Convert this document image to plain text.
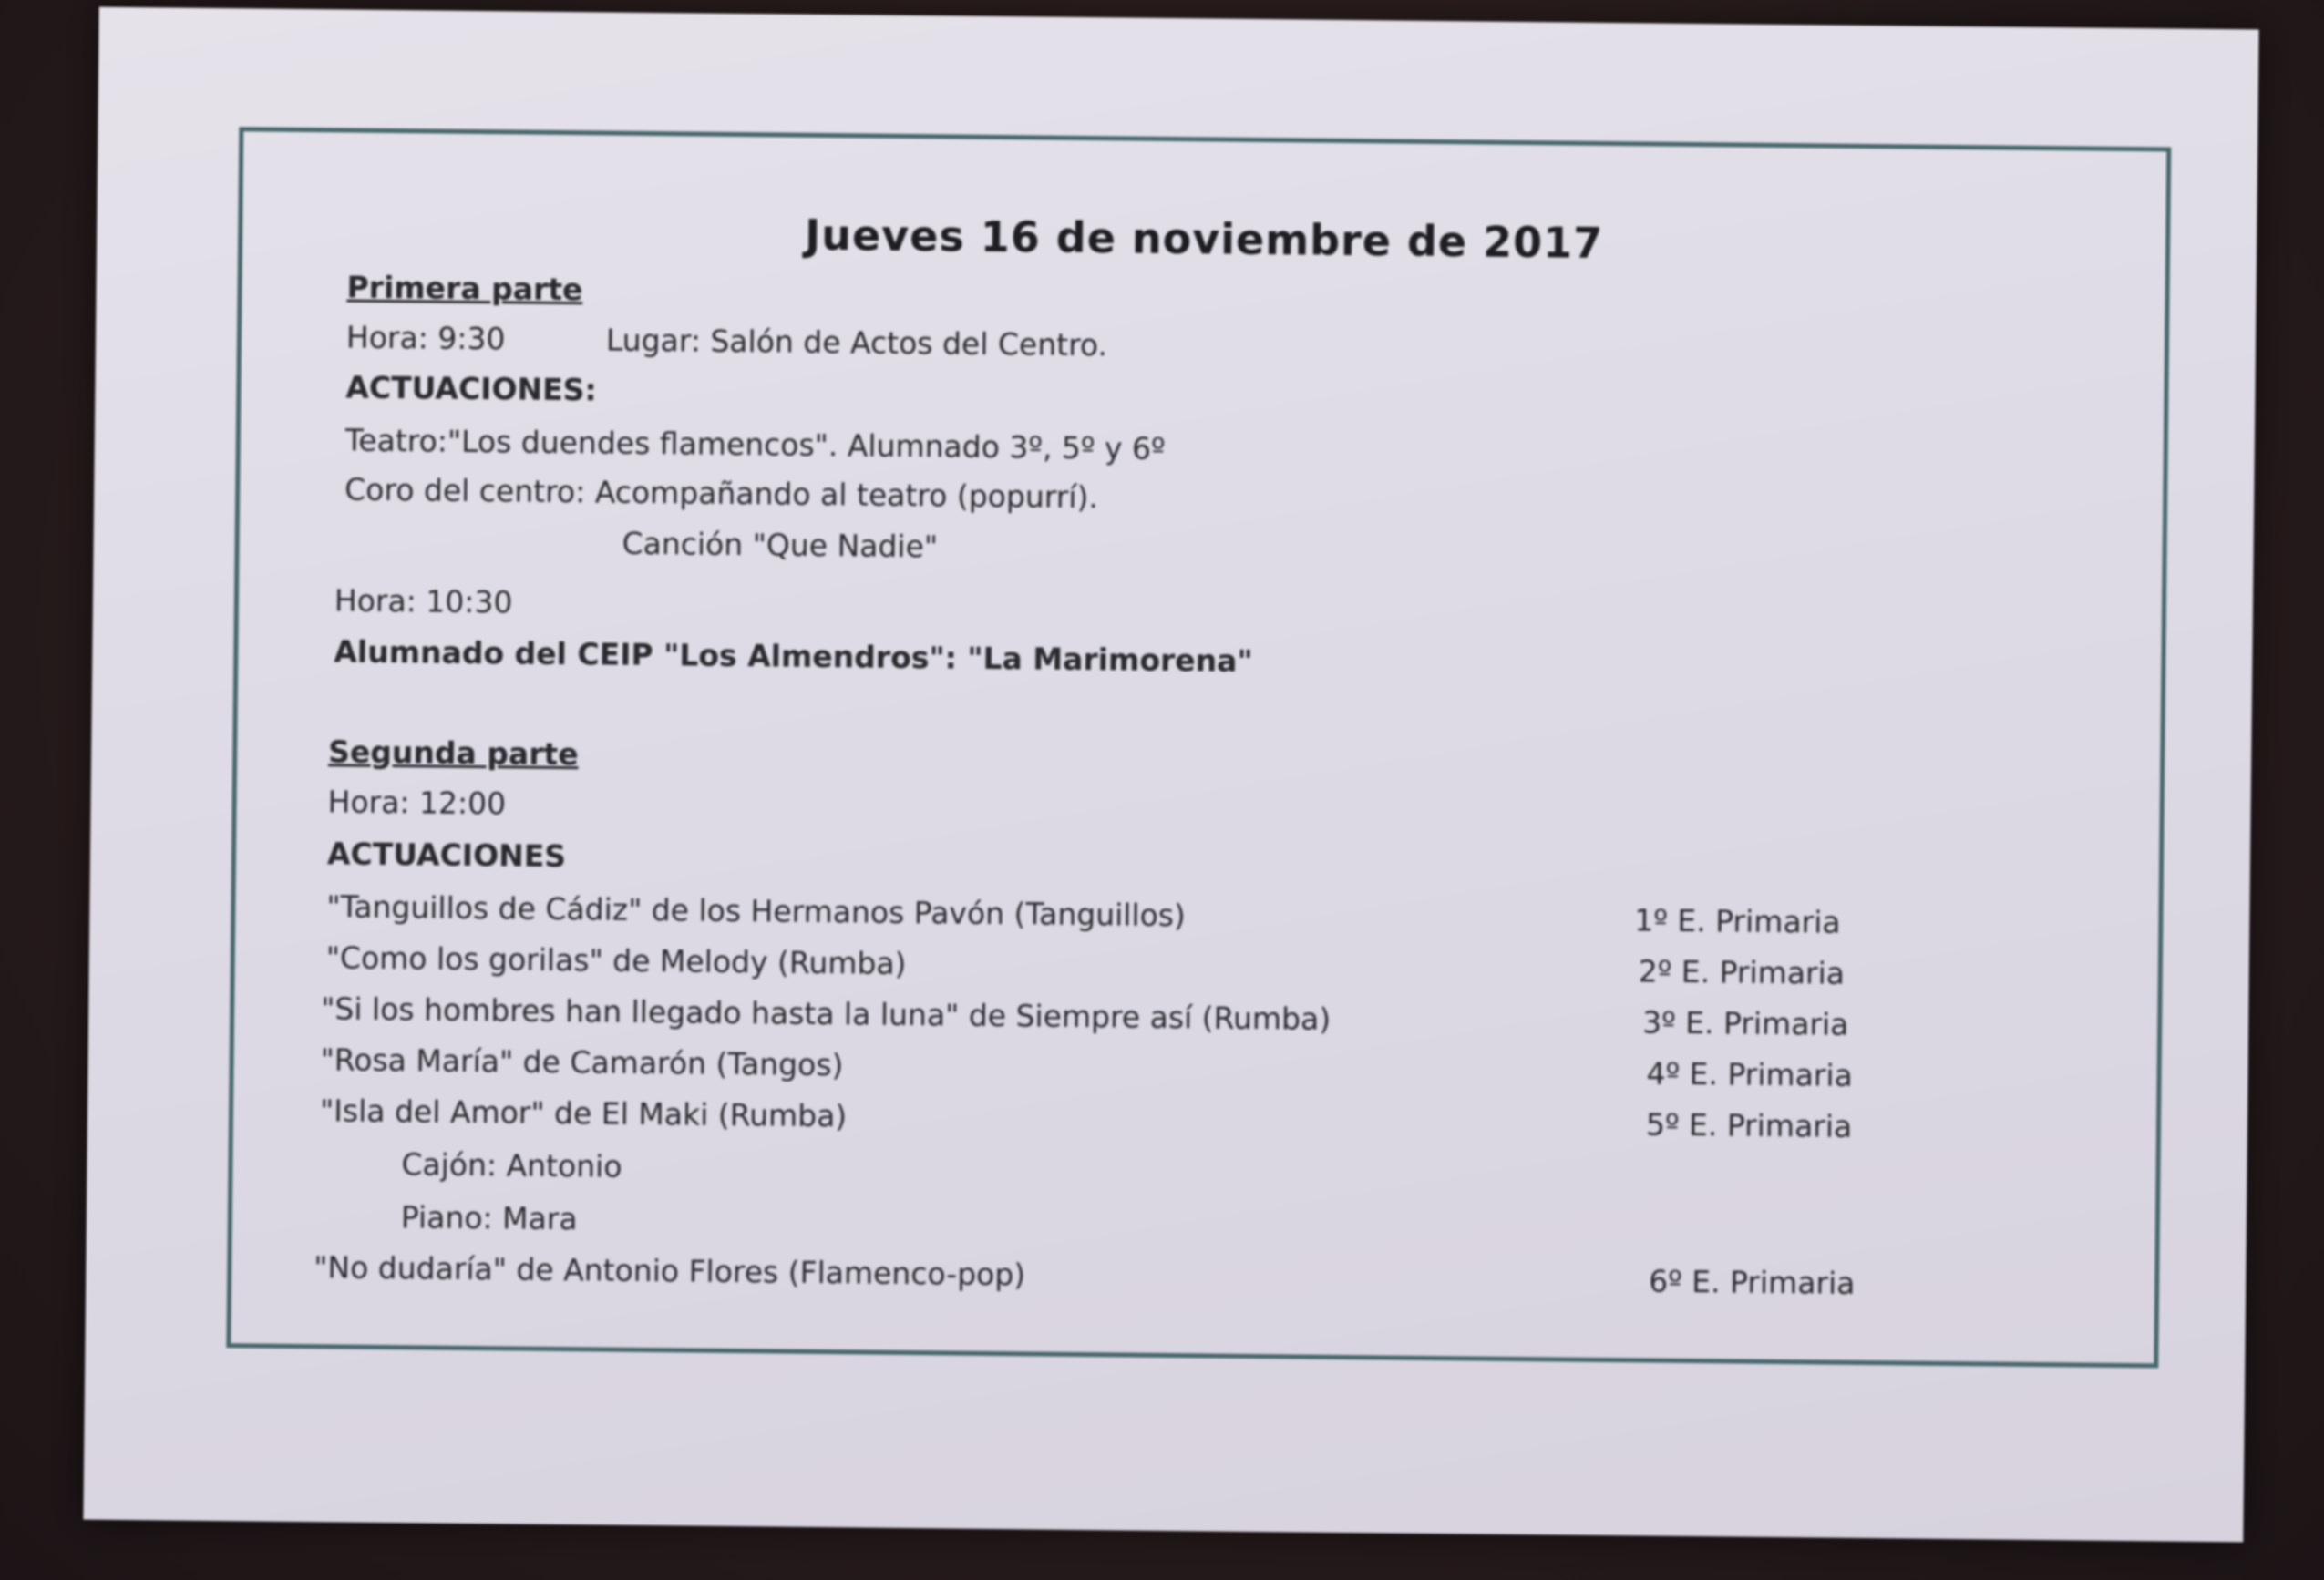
Jueves 16 de noviembre de 2017
Primera parte
Hora: 9:30	Lugar: Salón de Actos del Centro.
ACTUACIONES:
Teatro:"Los duendes flamencos". Alumnado 3º, 5º y 6º
Coro del centro: Acompañando al teatro (popurrí).
Canción "Que Nadie"
Hora: 10:30
Alumnado del CEIP "Los Almendros": "La Marimorena"
Segunda parte
Hora: 12:00
ACTUACIONES
"Tanguillos de Cádiz" de los Hermanos Pavón (Tanguillos)	1º E. Primaria
"Como los gorilas" de Melody (Rumba)	2º E. Primaria
"Si los hombres han llegado hasta la luna" de Siempre así (Rumba)	3º E. Primaria
"Rosa María" de Camarón (Tangos)	4º E. Primaria
"Isla del Amor" de El Maki (Rumba)	5º E. Primaria
Cajón: Antonio
Piano: Mara
"No dudaría" de Antonio Flores (Flamenco-pop)	6º E. Primaria
